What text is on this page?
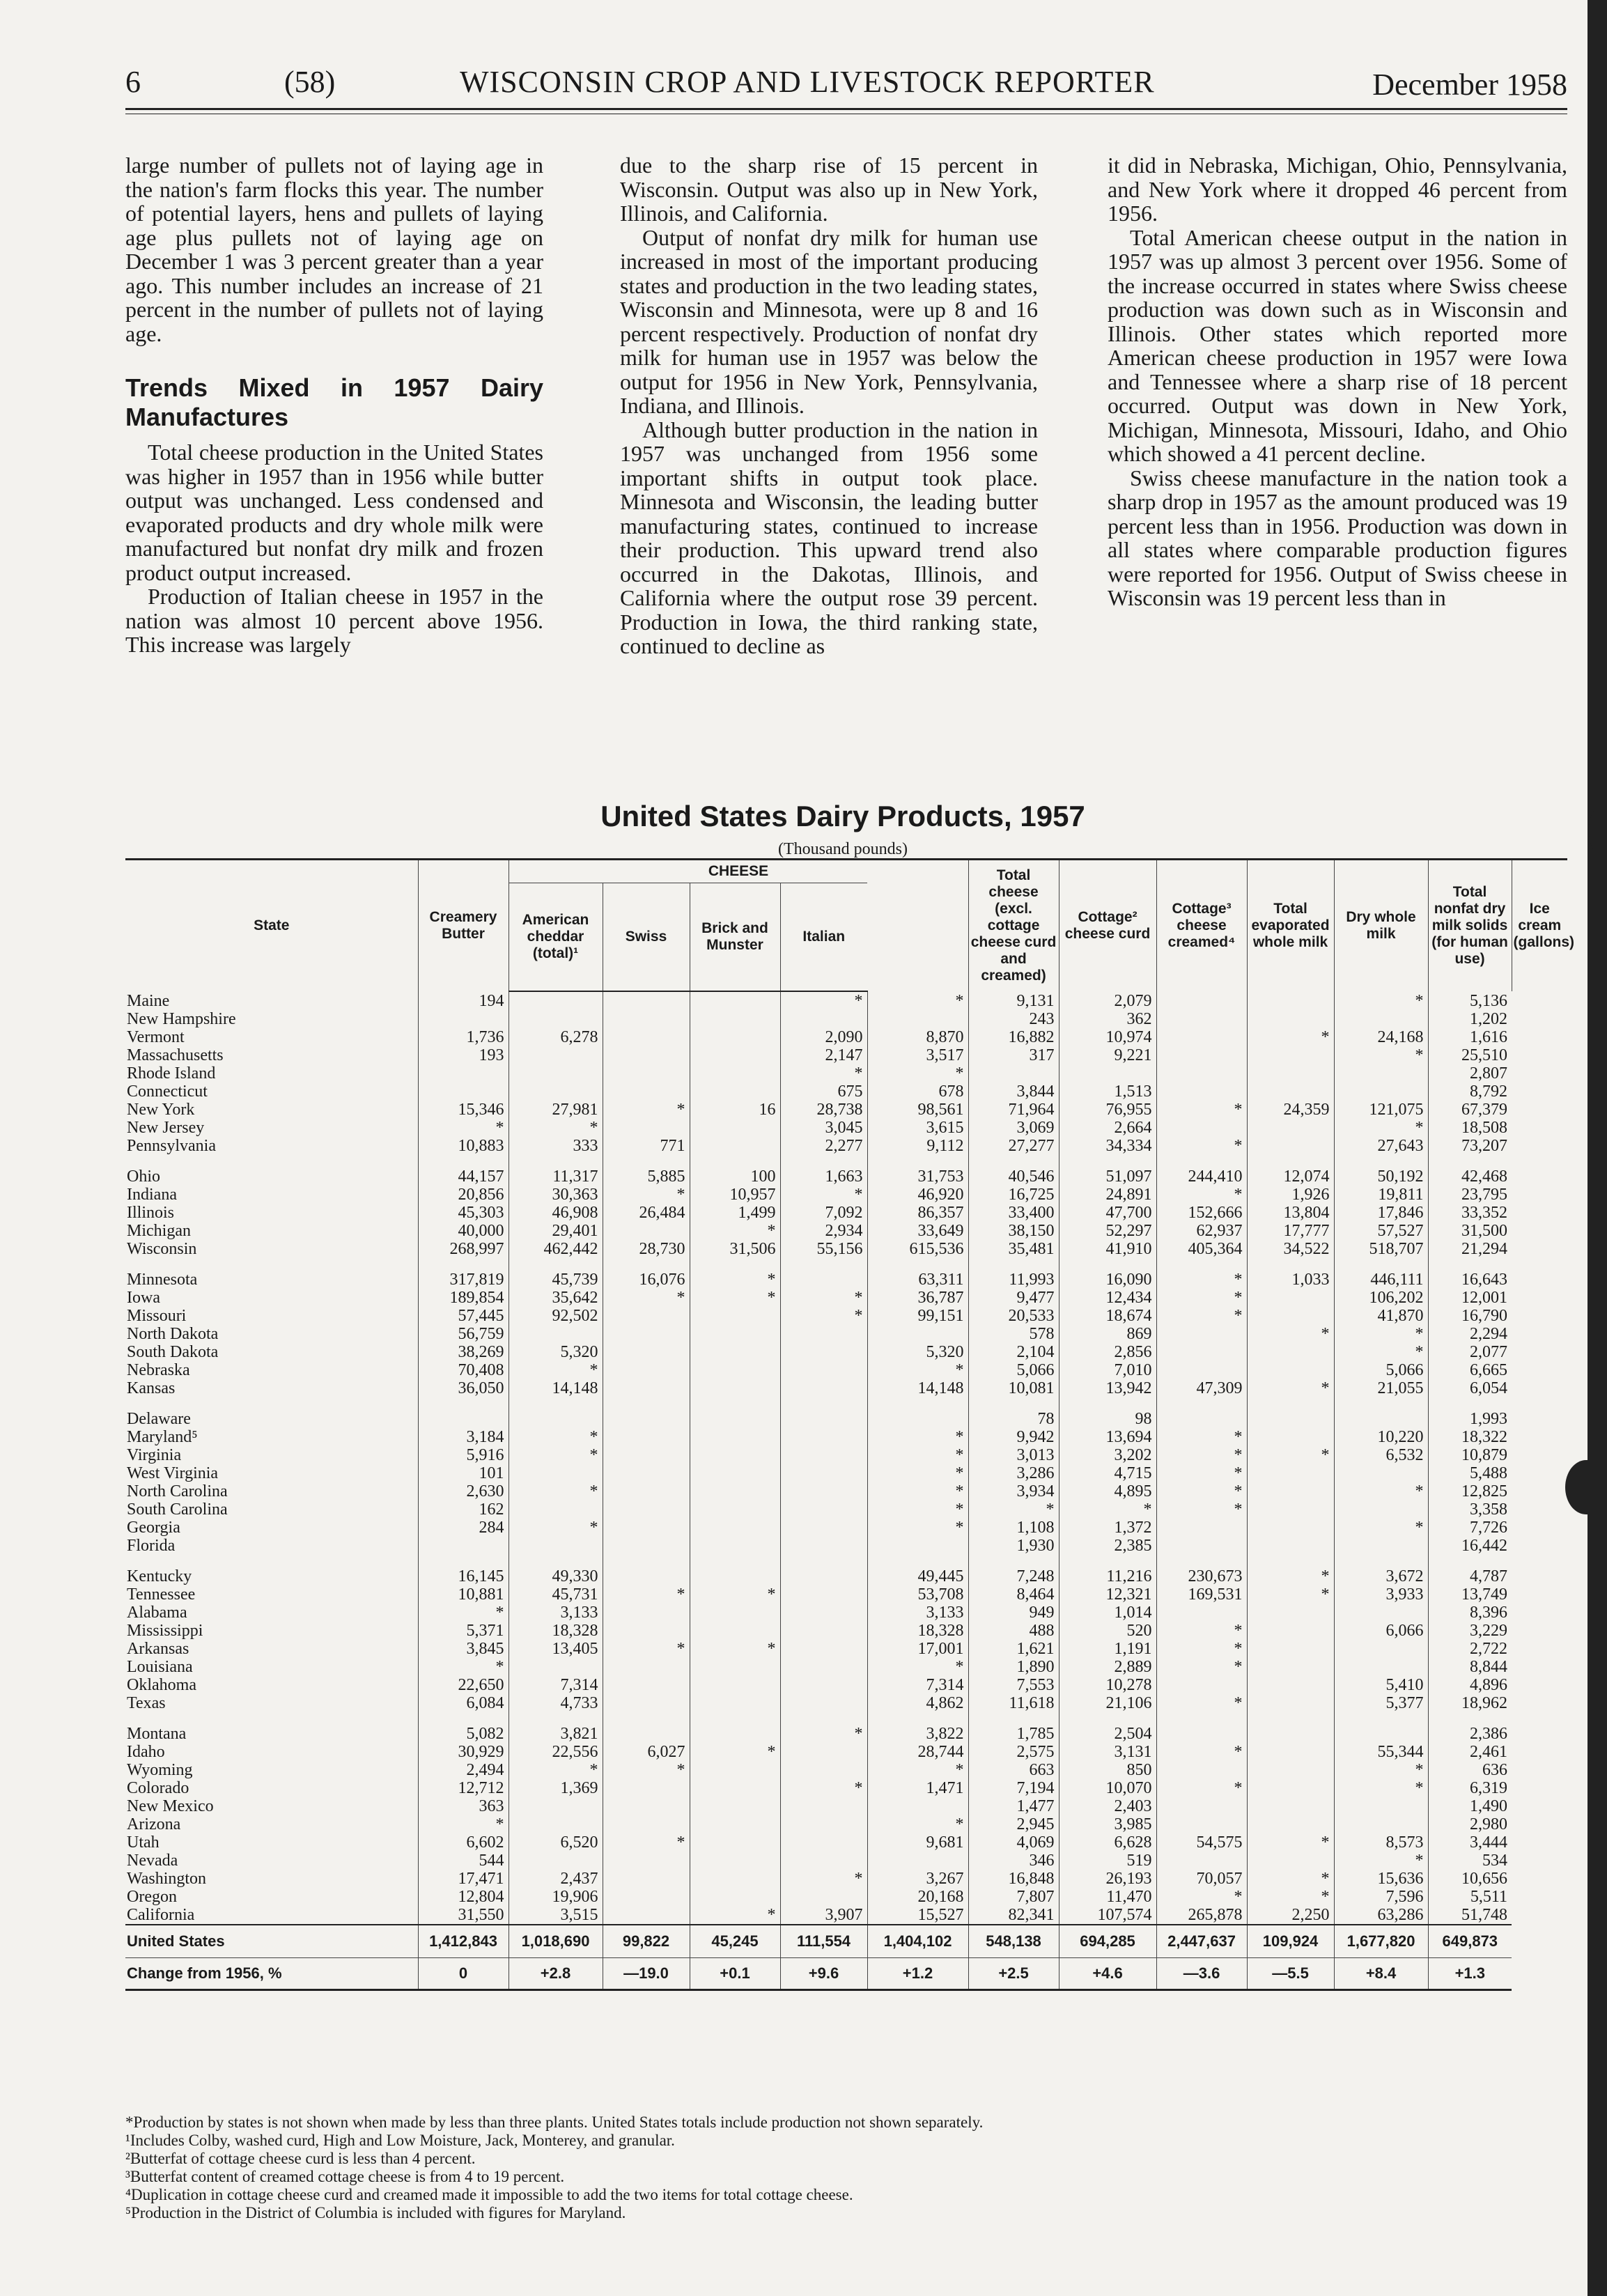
6	(58)	WISCONSIN CROP AND LIVESTOCK REPORTER	December 1958

large number of pullets not of laying age in the nation's farm flocks this year. The number of potential layers, hens and pullets of laying age plus pullets not of laying age on December 1 was 3 percent greater than a year ago. This number includes an increase of 21 percent in the number of pullets not of laying age.

Trends Mixed in 1957 Dairy Manufactures

Total cheese production in the United States was higher in 1957 than in 1956 while butter output was unchanged. Less condensed and evaporated products and dry whole milk were manufactured but nonfat dry milk and frozen product output increased.

Production of Italian cheese in 1957 in the nation was almost 10 percent above 1956. This increase was largely

due to the sharp rise of 15 percent in Wisconsin. Output was also up in New York, Illinois, and California.

Output of nonfat dry milk for human use increased in most of the important producing states and production in the two leading states, Wisconsin and Minnesota, were up 8 and 16 percent respectively. Production of nonfat dry milk for human use in 1957 was below the output for 1956 in New York, Pennsylvania, Indiana, and Illinois.

Although butter production in the nation in 1957 was unchanged from 1956 some important shifts in output took place. Minnesota and Wisconsin, the leading butter manufacturing states, continued to increase their production. This upward trend also occurred in the Dakotas, Illinois, and California where the output rose 39 percent. Production in Iowa, the third ranking state, continued to decline as

it did in Nebraska, Michigan, Ohio, Pennsylvania, and New York where it dropped 46 percent from 1956.

Total American cheese output in the nation in 1957 was up almost 3 percent over 1956. Some of the increase occurred in states where Swiss cheese production was down such as in Wisconsin and Illinois. Other states which reported more American cheese production in 1957 were Iowa and Tennessee where a sharp rise of 18 percent occurred. Output was down in New York, Michigan, Minnesota, Missouri, Idaho, and Ohio which showed a 41 percent decline.

Swiss cheese manufacture in the nation took a sharp drop in 1957 as the amount produced was 19 percent less than in 1956. Production was down in all states where comparable production figures were reported for 1956. Output of Swiss cheese in Wisconsin was 19 percent less than in

United States Dairy Products, 1957
(Thousand pounds)
State	Creamery Butter	CHEESE					Total cheese (excl. cottage cheese curd and creamed)	Cottage² cheese curd	Cottage³ cheese creamed⁴	Total evaporated whole milk	Dry whole milk	Total nonfat dry milk solids (for human use)	Ice cream (gallons)
		American cheddar (total)¹	Swiss	Brick and Munster	Italian								
Maine	194				*	*	9,131	2,079			*	5,136	
New Hampshire							243	362				1,202	
Vermont	1,736	6,278			2,090	8,870	16,882	10,974		*	24,168	1,616	
Massachusetts	193				2,147	3,517	317	9,221			*	25,510	
Rhode Island					*	*						2,807	
Connecticut					675	678	3,844	1,513				8,792	
New York	15,346	27,981	*	16	28,738	98,561	71,964	76,955	*	24,359	121,075	67,379	
New Jersey	*	*			3,045	3,615	3,069	2,664			*	18,508	
Pennsylvania	10,883	333	771		2,277	9,112	27,277	34,334	*		27,643	73,207	

Ohio	44,157	11,317	5,885	100	1,663	31,753	40,546	51,097	244,410	12,074	50,192	42,468	
Indiana	20,856	30,363	*	10,957	*	46,920	16,725	24,891	*	1,926	19,811	23,795	
Illinois	45,303	46,908	26,484	1,499	7,092	86,357	33,400	47,700	152,666	13,804	17,846	33,352	
Michigan	40,000	29,401		*	2,934	33,649	38,150	52,297	62,937	17,777	57,527	31,500	
Wisconsin	268,997	462,442	28,730	31,506	55,156	615,536	35,481	41,910	405,364	34,522	518,707	21,294	

Minnesota	317,819	45,739	16,076	*		63,311	11,993	16,090	*	1,033	446,111	16,643	
Iowa	189,854	35,642	*	*	*	36,787	9,477	12,434	*		106,202	12,001	
Missouri	57,445	92,502			*	99,151	20,533	18,674	*		41,870	16,790	
North Dakota	56,759						578	869		*	*	2,294	
South Dakota	38,269	5,320				5,320	2,104	2,856			*	2,077	
Nebraska	70,408	*				*	5,066	7,010			5,066	6,665	
Kansas	36,050	14,148				14,148	10,081	13,942	47,309	*	21,055	6,054	

Delaware							78	98				1,993	
Maryland⁵	3,184	*				*	9,942	13,694	*		10,220	18,322	
Virginia	5,916	*				*	3,013	3,202	*	*	6,532	10,879	
West Virginia	101					*	3,286	4,715	*			5,488	
North Carolina	2,630	*				*	3,934	4,895	*		*	12,825	
South Carolina	162					*	*	*	*			3,358	
Georgia	284	*				*	1,108	1,372			*	7,726	
Florida							1,930	2,385				16,442	

Kentucky	16,145	49,330				49,445	7,248	11,216	230,673	*	3,672	4,787	
Tennessee	10,881	45,731	*	*		53,708	8,464	12,321	169,531	*	3,933	13,749	
Alabama	*	3,133				3,133	949	1,014				8,396	
Mississippi	5,371	18,328				18,328	488	520	*		6,066	3,229	
Arkansas	3,845	13,405	*	*		17,001	1,621	1,191	*			2,722	
Louisiana	*					*	1,890	2,889	*			8,844	
Oklahoma	22,650	7,314				7,314	7,553	10,278			5,410	4,896	
Texas	6,084	4,733				4,862	11,618	21,106	*		5,377	18,962	

Montana	5,082	3,821			*	3,822	1,785	2,504				2,386	
Idaho	30,929	22,556	6,027	*		28,744	2,575	3,131	*		55,344	2,461	
Wyoming	2,494	*	*			*	663	850			*	636	
Colorado	12,712	1,369			*	1,471	7,194	10,070	*		*	6,319	
New Mexico	363						1,477	2,403				1,490	
Arizona	*					*	2,945	3,985				2,980	
Utah	6,602	6,520	*			9,681	4,069	6,628	54,575	*	8,573	3,444	
Nevada	544						346	519			*	534	
Washington	17,471	2,437			*	3,267	16,848	26,193	70,057	*	15,636	10,656	
Oregon	12,804	19,906				20,168	7,807	11,470	*	*	7,596	5,511	
California	31,550	3,515		*	3,907	15,527	82,341	107,574	265,878	2,250	63,286	51,748	
United States	1,412,843	1,018,690	99,822	45,245	111,554	1,404,102	548,138	694,285	2,447,637	109,924	1,677,820	649,873	
Change from 1956, %	0	+2.8	—19.0	+0.1	+9.6	+1.2	+2.5	+4.6	—3.6	—5.5	+8.4	+1.3	
*Production by states is not shown when made by less than three plants. United States totals include production not shown separately.
¹Includes Colby, washed curd, High and Low Moisture, Jack, Monterey, and granular.
²Butterfat of cottage cheese curd is less than 4 percent.
³Butterfat content of creamed cottage cheese is from 4 to 19 percent.
⁴Duplication in cottage cheese curd and creamed made it impossible to add the two items for total cottage cheese.
⁵Production in the District of Columbia is included with figures for Maryland.
